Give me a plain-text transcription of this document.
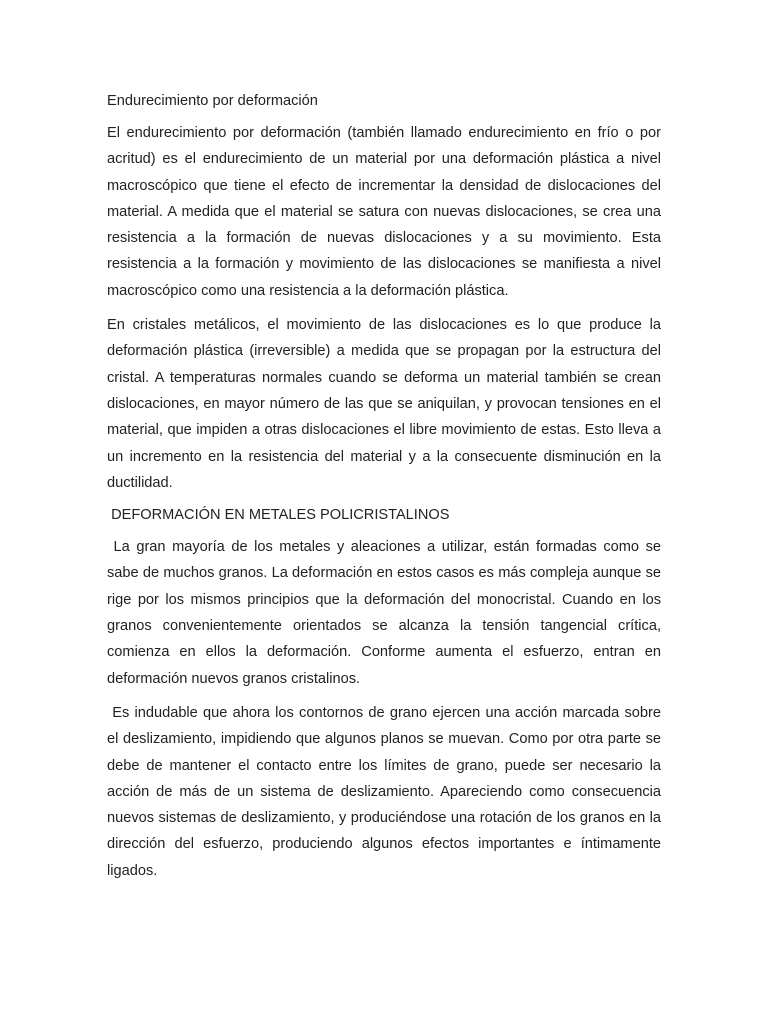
Endurecimiento por deformación

El endurecimiento por deformación (también llamado endurecimiento en frío o por acritud) es el endurecimiento de un material por una deformación plástica a nivel macroscópico que tiene el efecto de incrementar la densidad de dislocaciones del material. A medida que el material se satura con nuevas dislocaciones, se crea una resistencia a la formación de nuevas dislocaciones y a su movimiento. Esta resistencia a la formación y movimiento de las dislocaciones se manifiesta a nivel macroscópico como una resistencia a la deformación plástica.

En cristales metálicos, el movimiento de las dislocaciones es lo que produce la deformación plástica (irreversible) a medida que se propagan por la estructura del cristal. A temperaturas normales cuando se deforma un material también se crean dislocaciones, en mayor número de las que se aniquilan, y provocan tensiones en el material, que impiden a otras dislocaciones el libre movimiento de estas. Esto lleva a un incremento en la resistencia del material y a la consecuente disminución en la ductilidad.

DEFORMACIÓN EN METALES POLICRISTALINOS

La gran mayoría de los metales y aleaciones a utilizar, están formadas como se sabe de muchos granos. La deformación en estos casos es más compleja aunque se rige por los mismos principios que la deformación del monocristal. Cuando en los granos convenientemente orientados se alcanza la tensión tangencial crítica, comienza en ellos la deformación. Conforme aumenta el esfuerzo, entran en deformación nuevos granos cristalinos.

Es indudable que ahora los contornos de grano ejercen una acción marcada sobre el deslizamiento, impidiendo que algunos planos se muevan. Como por otra parte se debe de mantener el contacto entre los límites de grano, puede ser necesario la acción de más de un sistema de deslizamiento. Apareciendo como consecuencia nuevos sistemas de deslizamiento, y produciéndose una rotación de los granos en la dirección del esfuerzo, produciendo algunos efectos importantes e íntimamente ligados.
